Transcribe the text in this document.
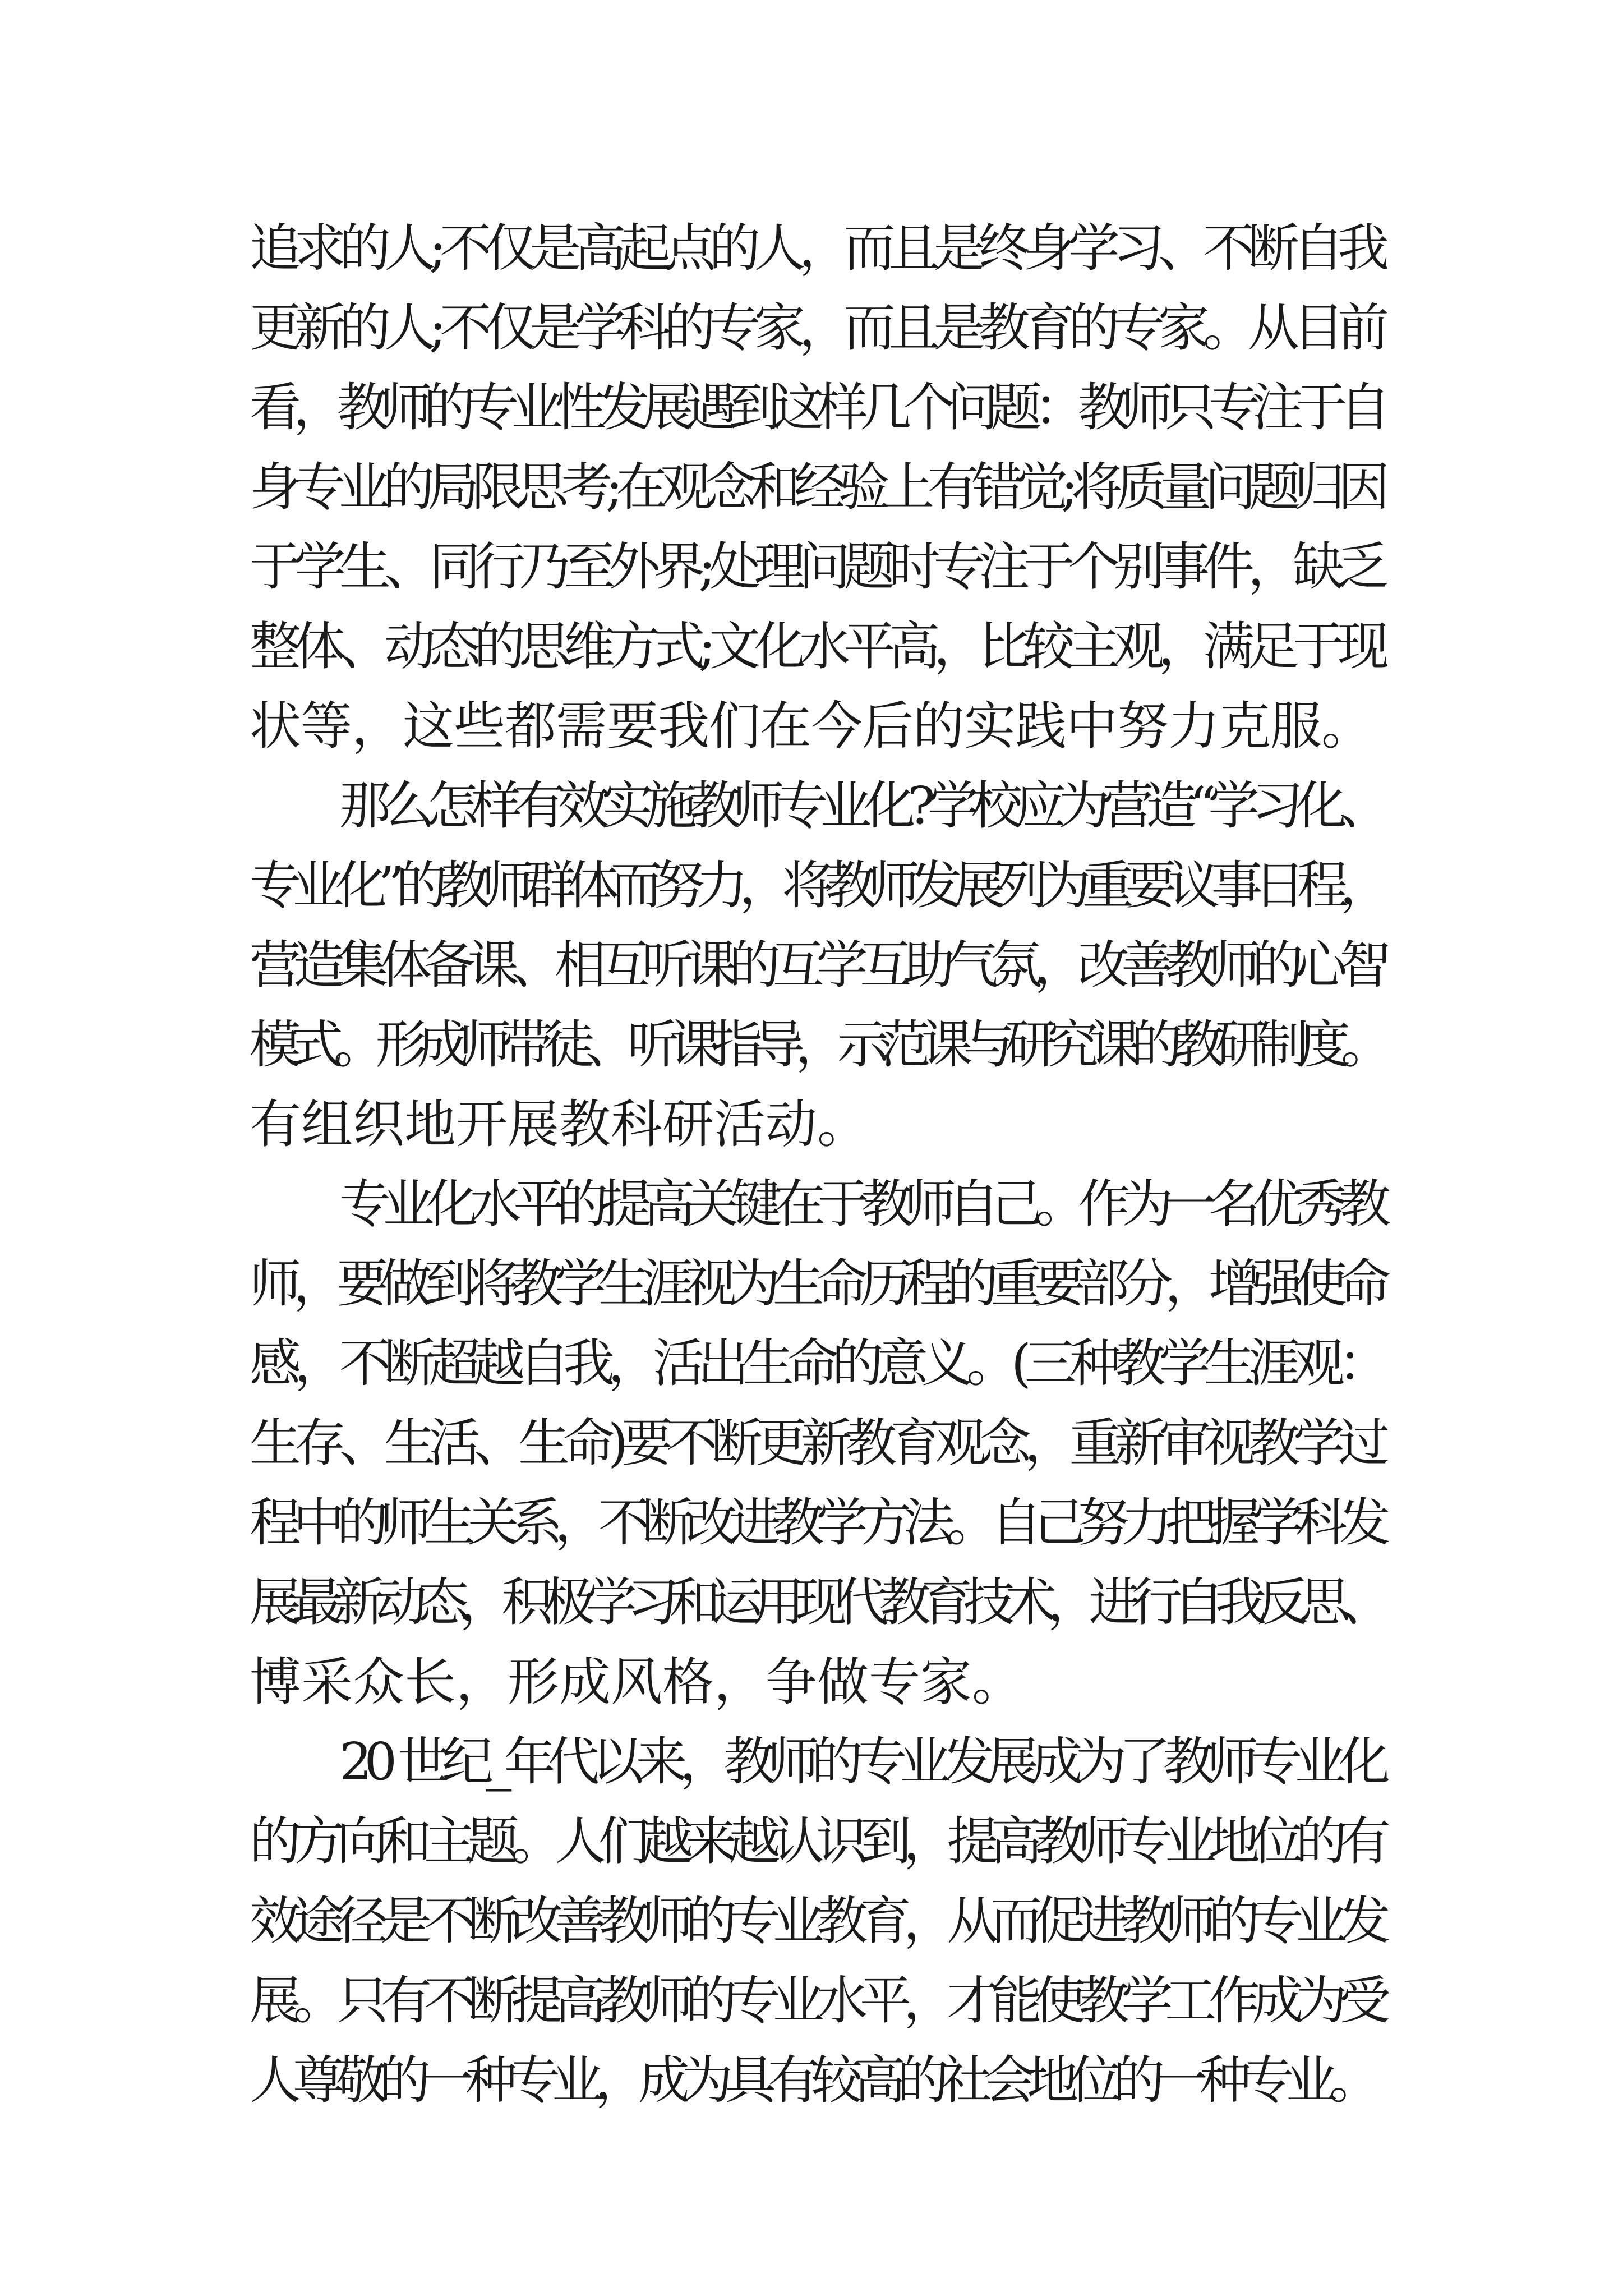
追求的人;不仅是高起点的人，而且是终身学习、不断自我
更新的人;不仅是学科的专家，而且是教育的专家。从目前
看，教师的专业性发展遇到这样几个问题：教师只专注于自
身专业的局限思考;在观念和经验上有错觉;将质量问题归因
于学生、同行乃至外界;处理问题时专注于个别事件，缺乏
整体、动态的思维方式;文化水平高，比较主观，满足于现
状等，这些都需要我们在今后的实践中努力克服。
那么怎样有效实施教师专业化?学校应为营造“学习化、
专业化”的教师群体而努力，将教师发展列为重要议事日程，
营造集体备课、相互听课的互学互助气氛，改善教师的心智
模式。形成师带徒、听课指导，示范课与研究课的教研制度。
有组织地开展教科研活动。
专业化水平的提高关键在于教师自己。作为一名优秀教
师，要做到将教学生涯视为生命历程的重要部分，增强使命
感，不断超越自我，活出生命的意义。(三种教学生涯观：
生存、生活、生命)要不断更新教育观念，重新审视教学过
程中的师生关系，不断改进教学方法。自己努力把握学科发
展最新动态，积极学习和运用现代教育技术，进行自我反思、
博采众长，形成风格，争做专家。
20 世纪_年代以来，教师的专业发展成为了教师专业化
的方向和主题。人们越来越认识到，提高教师专业地位的有
效途径是不断改善教师的专业教育，从而促进教师的专业发
展。只有不断提高教师的专业水平，才能使教学工作成为受
人尊敬的一种专业，成为具有较高的社会地位的一种专业。
